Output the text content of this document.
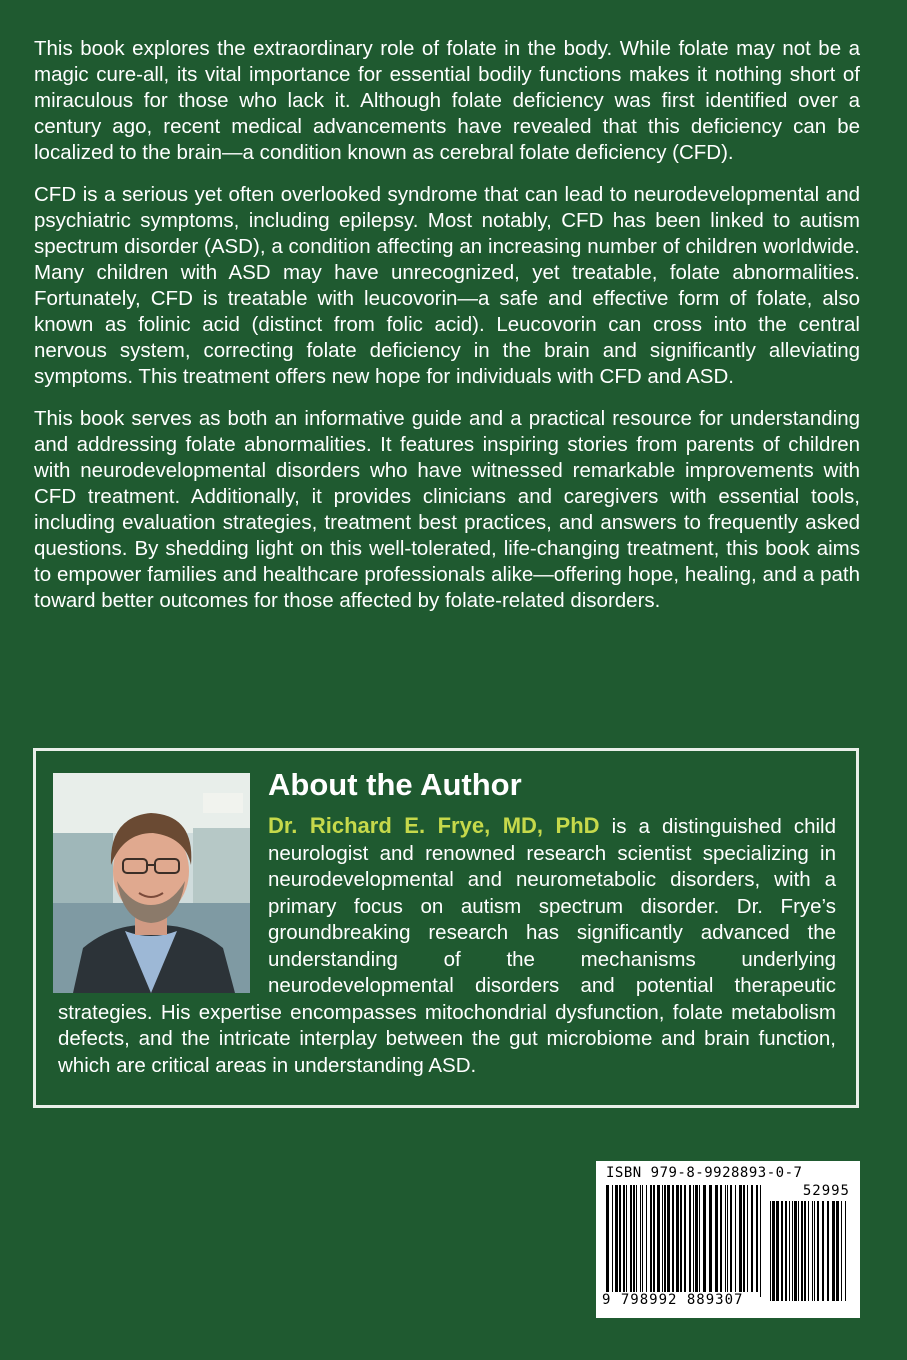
This book explores the extraordinary role of folate in the body. While folate may not be a magic cure-all, its vital importance for essential bodily functions makes it nothing short of miraculous for those who lack it. Although folate deficiency was first identified over a century ago, recent medical advancements have revealed that this deficiency can be localized to the brain—a condition known as cerebral folate deficiency (CFD).

CFD is a serious yet often overlooked syndrome that can lead to neurodevelopmental and psychiatric symptoms, including epilepsy. Most notably, CFD has been linked to autism spectrum disorder (ASD), a condition affecting an increasing number of children worldwide. Many children with ASD may have unrecognized, yet treatable, folate abnormalities. Fortunately, CFD is treatable with leucovorin—a safe and effective form of folate, also known as folinic acid (distinct from folic acid). Leucovorin can cross into the central nervous system, correcting folate deficiency in the brain and significantly alleviating symptoms. This treatment offers new hope for individuals with CFD and ASD.

This book serves as both an informative guide and a practical resource for understanding and addressing folate abnormalities. It features inspiring stories from parents of children with neurodevelopmental disorders who have witnessed remarkable improvements with CFD treatment. Additionally, it provides clinicians and caregivers with essential tools, including evaluation strategies, treatment best practices, and answers to frequently asked questions. By shedding light on this well-tolerated, life-changing treatment, this book aims to empower families and healthcare professionals alike—offering hope, healing, and a path toward better outcomes for those affected by folate-related disorders.

About the Author

Dr. Richard E. Frye, MD, PhD is a distinguished child neurologist and renowned research scientist specializing in neurodevelopmental and neurometabolic disorders, with a primary focus on autism spectrum disorder. Dr. Frye’s groundbreaking research has significantly advanced the understanding of the mechanisms underlying neurodevelopmental disorders and potential therapeutic strategies. His expertise encompasses mitochondrial dysfunction, folate metabolism defects, and the intricate interplay between the gut microbiome and brain function, which are critical areas in understanding ASD.

ISBN 979-8-9928893-0-7
52995
9 798992 889307
